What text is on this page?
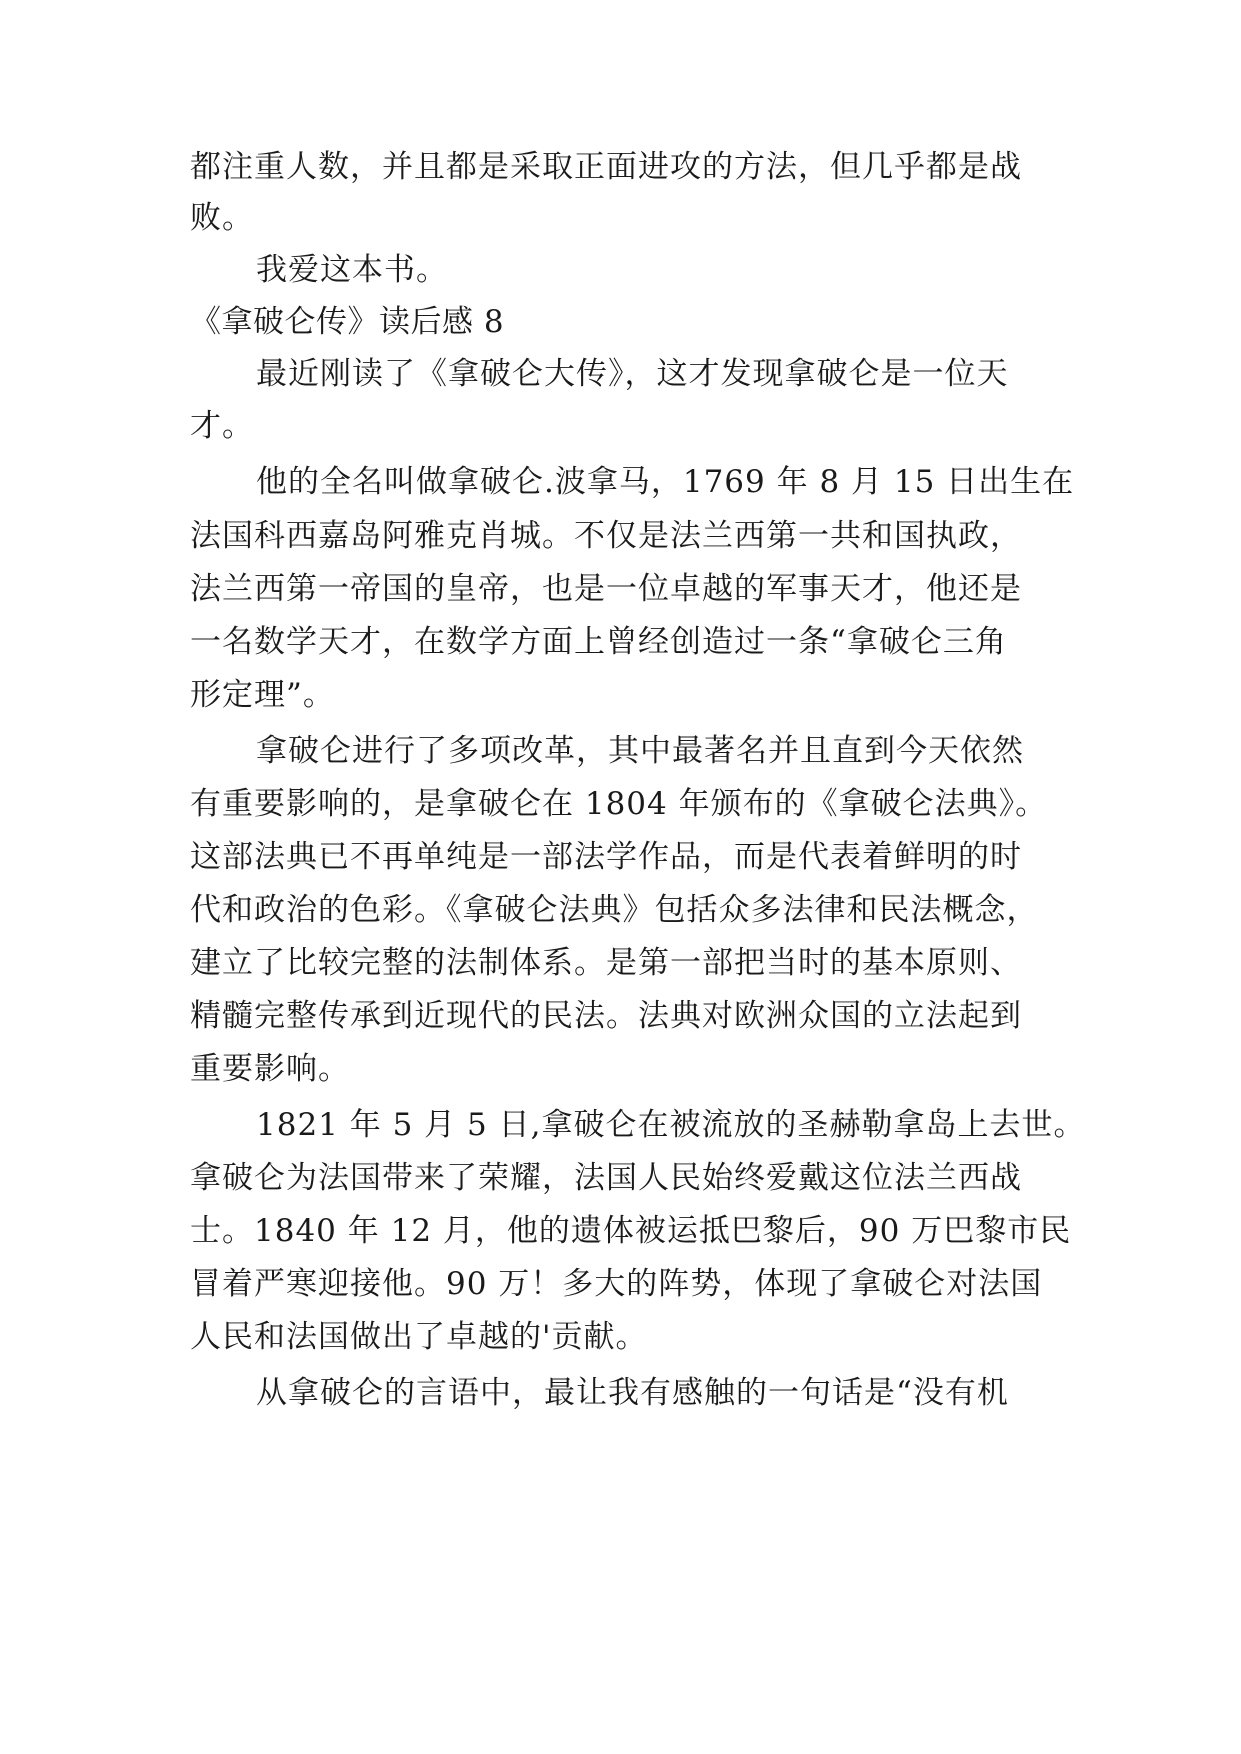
都注重人数，并且都是采取正面进攻的方法，但几乎都是战
败。
我爱这本书。
《拿破仑传》读后感 8
最近刚读了《拿破仑大传》，这才发现拿破仑是一位天
才。
他的全名叫做拿破仑.波拿马，1769 年 8 月 15 日出生在
法国科西嘉岛阿雅克肖城。不仅是法兰西第一共和国执政，
法兰西第一帝国的皇帝，也是一位卓越的军事天才，他还是
一名数学天才，在数学方面上曾经创造过一条“拿破仑三角
形定理”。
拿破仑进行了多项改革，其中最著名并且直到今天依然
有重要影响的，是拿破仑在 1804 年颁布的《拿破仑法典》。
这部法典已不再单纯是一部法学作品，而是代表着鲜明的时
代和政治的色彩。《拿破仑法典》包括众多法律和民法概念，
建立了比较完整的法制体系。是第一部把当时的基本原则、
精髓完整传承到近现代的民法。法典对欧洲众国的立法起到
重要影响。
1821 年 5 月 5 日,拿破仑在被流放的圣赫勒拿岛上去世。
拿破仑为法国带来了荣耀，法国人民始终爱戴这位法兰西战
士。1840 年 12 月，他的遗体被运抵巴黎后，90 万巴黎市民
冒着严寒迎接他。90 万！多大的阵势，体现了拿破仑对法国
人民和法国做出了卓越的'贡献。
从拿破仑的言语中，最让我有感触的一句话是“没有机
